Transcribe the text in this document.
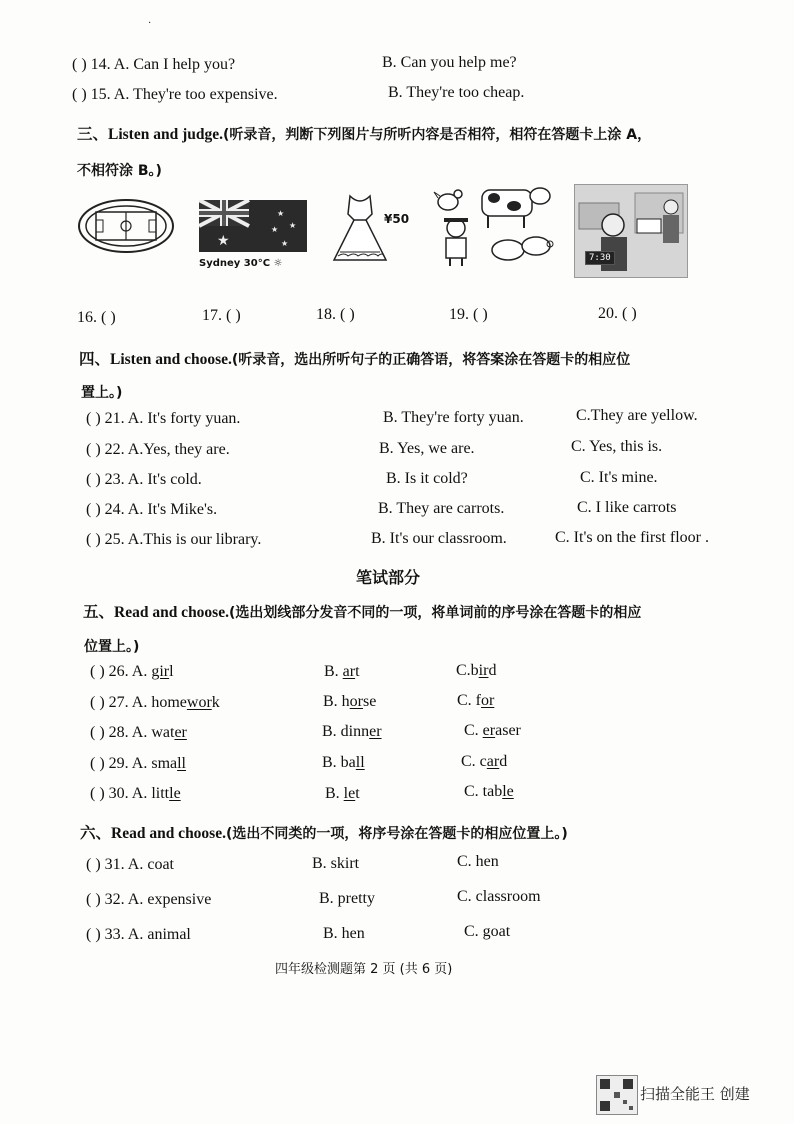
·
( ) 14. A. Can I help you?	B. Can you help me?
( ) 15. A. They're too expensive.	B. They're too cheap.
三、Listen and judge.(听录音，判断下列图片与所听内容是否相符，相符在答题卡上涂 A，
不相符涂 B。)
★
★
★
★
★
Sydney 30°C ☼
¥50
7:30
16. ( )	17. ( )	18. ( )	19. ( )	20. ( )
四、Listen and choose.(听录音，选出所听句子的正确答语，将答案涂在答题卡的相应位
置上。)
( ) 21. A. It's forty yuan.	B. They're forty yuan.	C.They are yellow.
( ) 22. A.Yes, they are.	B. Yes, we are.	C. Yes, this is.
( ) 23. A. It's cold.	B. Is it cold?	C. It's mine.
( ) 24. A. It's Mike's.	B. They are carrots.	C. I like carrots
( ) 25. A.This is our library.	B. It's our classroom.	C. It's on the first floor .
笔试部分
五、Read and choose.(选出划线部分发音不同的一项，将单词前的序号涂在答题卡的相应
位置上。)
( ) 26. A. girl	B. art	C.bird
( ) 27. A. homework	B. horse	C. for
( ) 28. A. water	B. dinner	C. eraser
( ) 29. A. small	B. ball	C. card
( ) 30. A. little	B. let	C. table
六、Read and choose.(选出不同类的一项，将序号涂在答题卡的相应位置上。)
( ) 31. A. coat	B. skirt	C. hen
( ) 32. A. expensive	B. pretty	C. classroom
( ) 33. A. animal	B. hen	C. goat
四年级检测题第 2 页 (共 6 页)
扫描全能王 创建
